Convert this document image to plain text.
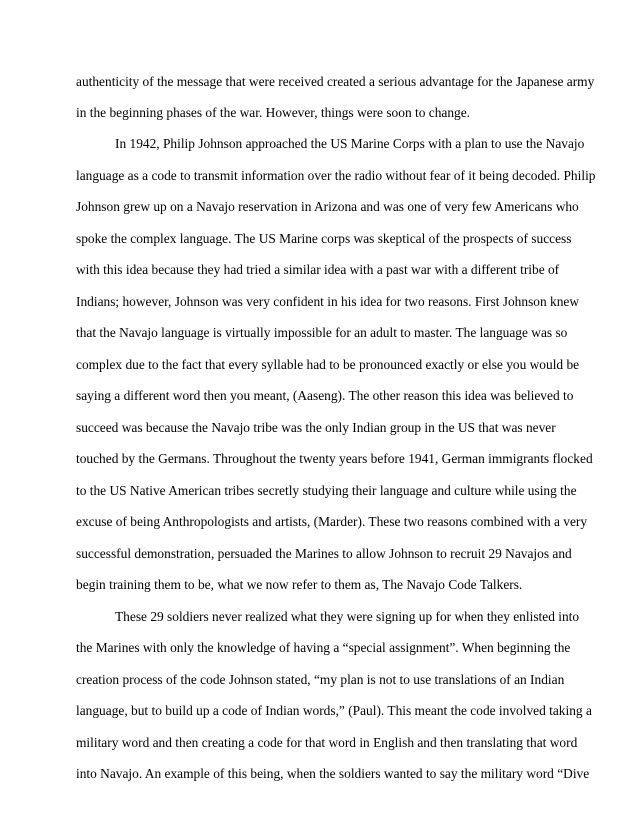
authenticity of the message that were received created a serious advantage for the Japanese army
in the beginning phases of the war. However, things were soon to change.
In 1942, Philip Johnson approached the US Marine Corps with a plan to use the Navajo
language as a code to transmit information over the radio without fear of it being decoded. Philip
Johnson grew up on a Navajo reservation in Arizona and was one of very few Americans who
spoke the complex language. The US Marine corps was skeptical of the prospects of success
with this idea because they had tried a similar idea with a past war with a different tribe of
Indians; however, Johnson was very confident in his idea for two reasons. First Johnson knew
that the Navajo language is virtually impossible for an adult to master. The language was so
complex due to the fact that every syllable had to be pronounced exactly or else you would be
saying a different word then you meant, (Aaseng). The other reason this idea was believed to
succeed was because the Navajo tribe was the only Indian group in the US that was never
touched by the Germans. Throughout the twenty years before 1941, German immigrants flocked
to the US Native American tribes secretly studying their language and culture while using the
excuse of being Anthropologists and artists, (Marder). These two reasons combined with a very
successful demonstration, persuaded the Marines to allow Johnson to recruit 29 Navajos and
begin training them to be, what we now refer to them as, The Navajo Code Talkers.
These 29 soldiers never realized what they were signing up for when they enlisted into
the Marines with only the knowledge of having a “special assignment”. When beginning the
creation process of the code Johnson stated, “my plan is not to use translations of an Indian
language, but to build up a code of Indian words,” (Paul). This meant the code involved taking a
military word and then creating a code for that word in English and then translating that word
into Navajo. An example of this being, when the soldiers wanted to say the military word “Dive
